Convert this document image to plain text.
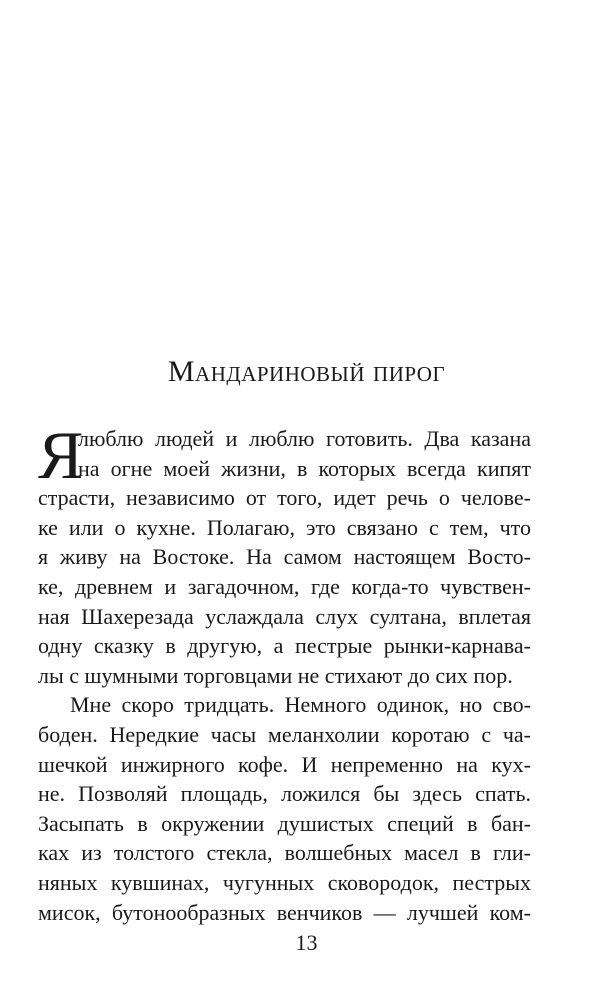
Мандариновый пирог
Я
люблю людей и люблю готовить. Два казана
на огне моей жизни, в которых всегда кипят
страсти, независимо от того, идет речь о челове-
ке или о кухне. Полагаю, это связано с тем, что
я живу на Востоке. На самом настоящем Восто-
ке, древнем и загадочном, где когда-то чувствен-
ная Шахерезада услаждала слух султана, вплетая
одну сказку в другую, а пестрые рынки-карнава-
лы с шумными торговцами не стихают до сих пор.
Мне скоро тридцать. Немного одинок, но сво-
боден. Нередкие часы меланхолии коротаю с ча-
шечкой инжирного кофе. И непременно на кух-
не. Позволяй площадь, ложился бы здесь спать.
Засыпать в окружении душистых специй в бан-
ках из толстого стекла, волшебных масел в гли-
няных кувшинах, чугунных сковородок, пестрых
мисок, бутонообразных венчиков — лучшей ком-
13
